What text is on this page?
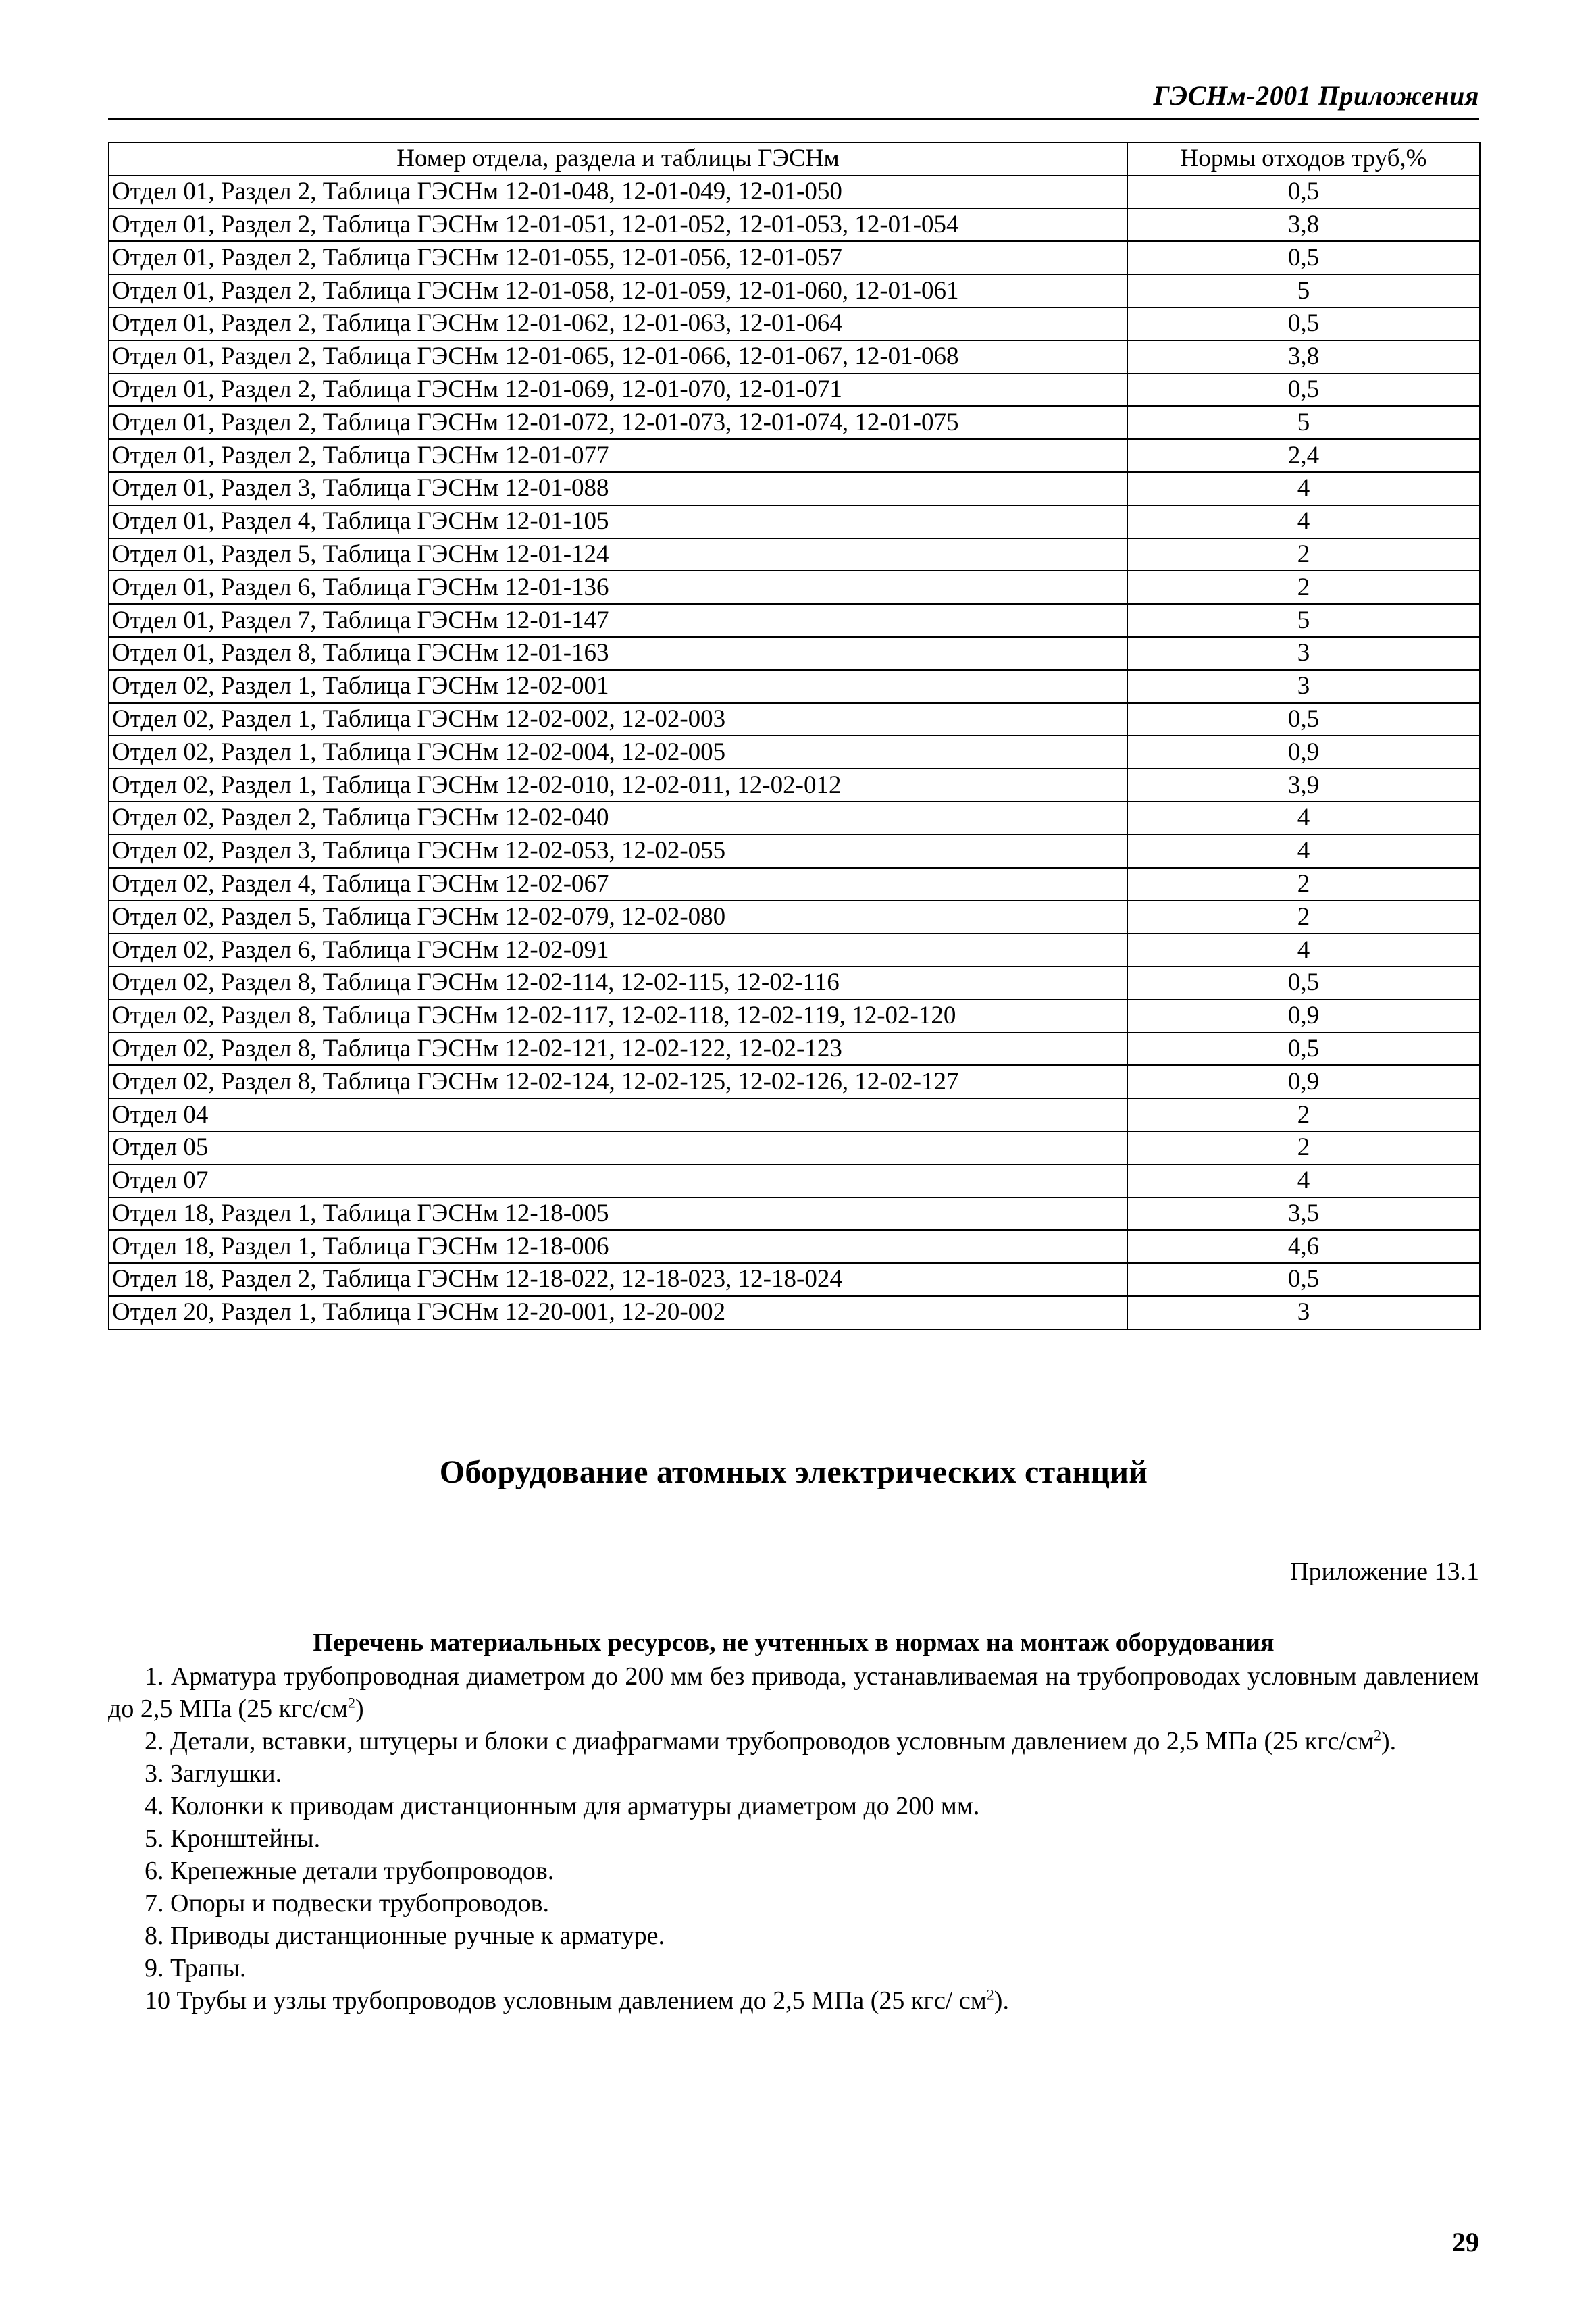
ГЭСНм-2001 Приложения
Номер отдела, раздела и таблицы ГЭСНм	Нормы отходов труб,%
Отдел 01, Раздел 2, Таблица ГЭСНм 12-01-048, 12-01-049, 12-01-050	0,5
Отдел 01, Раздел 2, Таблица ГЭСНм 12-01-051, 12-01-052, 12-01-053, 12-01-054	3,8
Отдел 01, Раздел 2, Таблица ГЭСНм 12-01-055, 12-01-056, 12-01-057	0,5
Отдел 01, Раздел 2, Таблица ГЭСНм 12-01-058, 12-01-059, 12-01-060, 12-01-061	5
Отдел 01, Раздел 2, Таблица ГЭСНм 12-01-062, 12-01-063, 12-01-064	0,5
Отдел 01, Раздел 2, Таблица ГЭСНм 12-01-065, 12-01-066, 12-01-067, 12-01-068	3,8
Отдел 01, Раздел 2, Таблица ГЭСНм 12-01-069, 12-01-070, 12-01-071	0,5
Отдел 01, Раздел 2, Таблица ГЭСНм 12-01-072, 12-01-073, 12-01-074, 12-01-075	5
Отдел 01, Раздел 2, Таблица ГЭСНм 12-01-077	2,4
Отдел 01, Раздел 3, Таблица ГЭСНм 12-01-088	4
Отдел 01, Раздел 4, Таблица ГЭСНм 12-01-105	4
Отдел 01, Раздел 5, Таблица ГЭСНм 12-01-124	2
Отдел 01, Раздел 6, Таблица ГЭСНм 12-01-136	2
Отдел 01, Раздел 7, Таблица ГЭСНм 12-01-147	5
Отдел 01, Раздел 8, Таблица ГЭСНм 12-01-163	3
Отдел 02, Раздел 1, Таблица ГЭСНм 12-02-001	3
Отдел 02, Раздел 1, Таблица ГЭСНм 12-02-002, 12-02-003	0,5
Отдел 02, Раздел 1, Таблица ГЭСНм 12-02-004, 12-02-005	0,9
Отдел 02, Раздел 1, Таблица ГЭСНм 12-02-010, 12-02-011, 12-02-012	3,9
Отдел 02, Раздел 2, Таблица ГЭСНм 12-02-040	4
Отдел 02, Раздел 3, Таблица ГЭСНм 12-02-053, 12-02-055	4
Отдел 02, Раздел 4, Таблица ГЭСНм 12-02-067	2
Отдел 02, Раздел 5, Таблица ГЭСНм 12-02-079, 12-02-080	2
Отдел 02, Раздел 6, Таблица ГЭСНм 12-02-091	4
Отдел 02, Раздел 8, Таблица ГЭСНм 12-02-114, 12-02-115, 12-02-116	0,5
Отдел 02, Раздел 8, Таблица ГЭСНм 12-02-117, 12-02-118, 12-02-119, 12-02-120	0,9
Отдел 02, Раздел 8, Таблица ГЭСНм 12-02-121, 12-02-122, 12-02-123	0,5
Отдел 02, Раздел 8, Таблица ГЭСНм 12-02-124, 12-02-125, 12-02-126, 12-02-127	0,9
Отдел 04	2
Отдел 05	2
Отдел 07	4
Отдел 18, Раздел 1, Таблица ГЭСНм 12-18-005	3,5
Отдел 18, Раздел 1, Таблица ГЭСНм 12-18-006	4,6
Отдел 18, Раздел 2, Таблица ГЭСНм 12-18-022, 12-18-023, 12-18-024	0,5
Отдел 20, Раздел 1, Таблица ГЭСНм 12-20-001, 12-20-002	3
Оборудование атомных электрических станций
Приложение 13.1
Перечень материальных ресурсов, не учтенных в нормах на монтаж оборудования

1. Арматура трубопроводная диаметром до 200 мм без привода, устанавливаемая на трубопроводах условным давлением до 2,5 МПа (25 кгс/$см^2$)

2. Детали, вставки, штуцеры и блоки с диафрагмами трубопроводов условным давлением до 2,5 МПа (25 кгс/$см^2$).

3. Заглушки.

4. Колонки к приводам дистанционным для арматуры диаметром до 200 мм.

5. Кронштейны.

6. Крепежные детали трубопроводов.

7. Опоры и подвески трубопроводов.

8. Приводы дистанционные ручные к арматуре.

9. Трапы.

10 Трубы и узлы трубопроводов условным давлением до 2,5 МПа (25 кгс/ $см^2$).

29
